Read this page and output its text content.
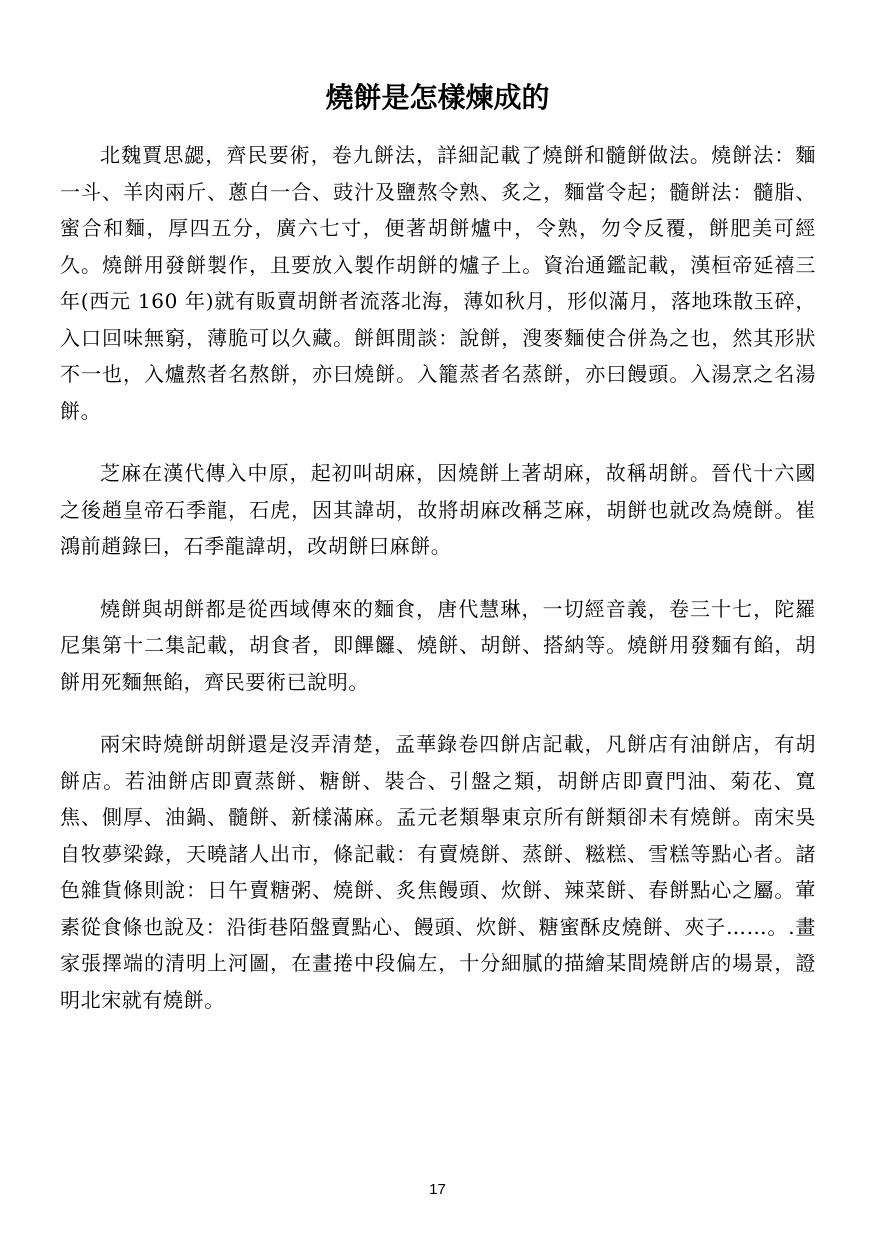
燒餅是怎樣煉成的

北魏賈思勰，齊民要術，卷九餅法，詳細記載了燒餅和髓餅做法。燒餅法：麵一斗、羊肉兩斤、蔥白一合、豉汁及鹽熬令熟、炙之，麵當令起；髓餅法：髓脂、蜜合和麵，厚四五分，廣六七寸，便著胡餅爐中，令熟，勿令反覆，餅肥美可經久。燒餅用發餅製作，且要放入製作胡餅的爐子上。資治通鑑記載，漢桓帝延禧三年(西元 160 年)就有販賣胡餅者流落北海，薄如秋月，形似滿月，落地珠散玉碎，入口回味無窮，薄脆可以久藏。餅餌閒談：說餅，溲麥麵使合併為之也，然其形狀不一也，入爐熬者名熬餅，亦曰燒餅。入籠蒸者名蒸餅，亦曰饅頭。入湯烹之名湯餅。

芝麻在漢代傳入中原，起初叫胡麻，因燒餅上著胡麻，故稱胡餅。晉代十六國之後趙皇帝石季龍，石虎，因其諱胡，故將胡麻改稱芝麻，胡餅也就改為燒餅。崔鴻前趙錄曰，石季龍諱胡，改胡餅曰麻餅。

燒餅與胡餅都是從西域傳來的麵食，唐代慧琳，一切經音義，卷三十七，陀羅尼集第十二集記載，胡食者，即饆饠、燒餅、胡餅、搭納等。燒餅用發麵有餡，胡餅用死麵無餡，齊民要術已說明。

兩宋時燒餅胡餅還是沒弄清楚，孟華錄卷四餅店記載，凡餅店有油餅店，有胡餅店。若油餅店即賣蒸餅、糖餅、裝合、引盤之類，胡餅店即賣門油、菊花、寬焦、側厚、油鍋、髓餅、新樣滿麻。孟元老類舉東京所有餅類卻未有燒餅。南宋吳自牧夢梁錄，天曉諸人出市，條記載：有賣燒餅、蒸餅、糍糕、雪糕等點心者。諸色雜貨條則說：日午賣糖粥、燒餅、炙焦饅頭、炊餅、辣菜餅、春餅點心之屬。葷素從食條也說及：沿街巷陌盤賣點心、饅頭、炊餅、糖蜜酥皮燒餅、夾子……。.畫家張擇端的清明上河圖，在畫捲中段偏左，十分細膩的描繪某間燒餅店的場景，證明北宋就有燒餅。

17
